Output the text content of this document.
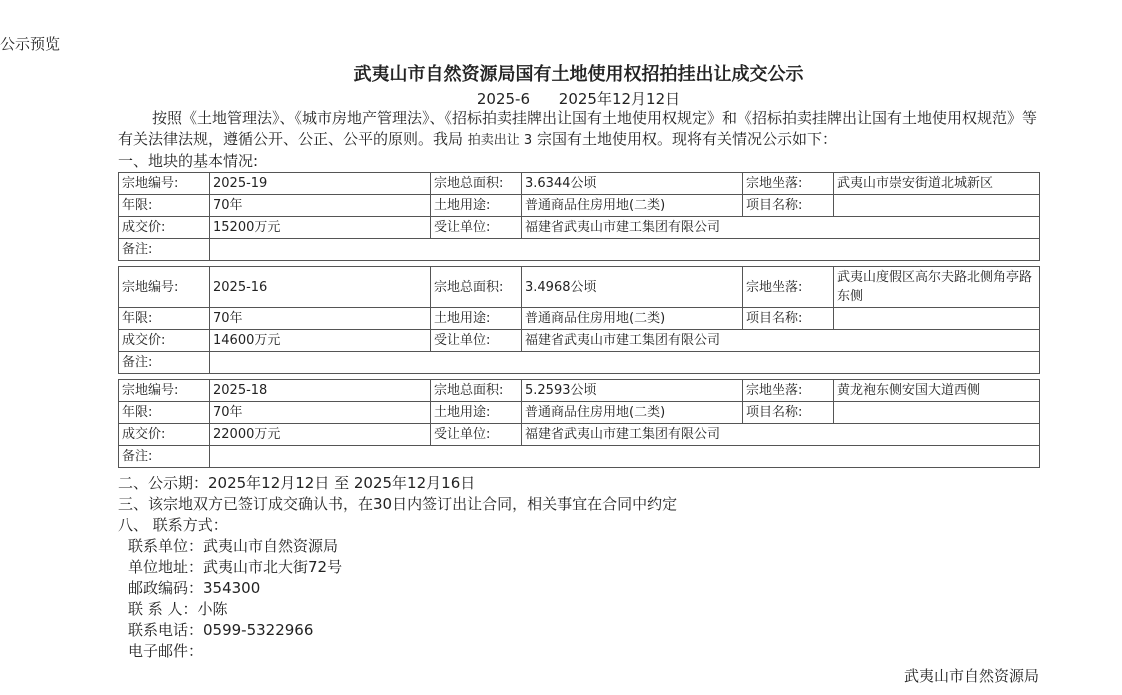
公示预览
武夷山市自然资源局国有土地使用权招拍挂出让成交公示
2025-6 2025年12月12日
按照《土地管理法》、《城市房地产管理法》、《招标拍卖挂牌出让国有土地使用权规定》和《招标拍卖挂牌出让国有土地使用权规范》等有关法律法规，遵循公开、公正、公平的原则。我局 拍卖出让 3 宗国有土地使用权。现将有关情况公示如下：
一、地块的基本情况:
宗地编号:	2025-19	宗地总面积:	3.6344公顷	宗地坐落:	武夷山市崇安街道北城新区
年限:	70年	土地用途:	普通商品住房用地(二类)	项目名称:	
成交价:	15200万元	受让单位:	福建省武夷山市建工集团有限公司		
备注:					
宗地编号:	2025-16	宗地总面积:	3.4968公顷	宗地坐落:	武夷山度假区高尔夫路北侧角亭路东侧
年限:	70年	土地用途:	普通商品住房用地(二类)	项目名称:	
成交价:	14600万元	受让单位:	福建省武夷山市建工集团有限公司		
备注:					
宗地编号:	2025-18	宗地总面积:	5.2593公顷	宗地坐落:	黄龙袍东侧安国大道西侧
年限:	70年	土地用途:	普通商品住房用地(二类)	项目名称:	
成交价:	22000万元	受让单位:	福建省武夷山市建工集团有限公司		
备注:					
二、公示期：2025年12月12日 至 2025年12月16日
三、该宗地双方已签订成交确认书，在30日内签订出让合同，相关事宜在合同中约定
八、 联系方式：
联系单位：武夷山市自然资源局
单位地址：武夷山市北大街72号
邮政编码：354300
联 系 人：小陈
联系电话：0599-5322966
电子邮件：
武夷山市自然资源局
